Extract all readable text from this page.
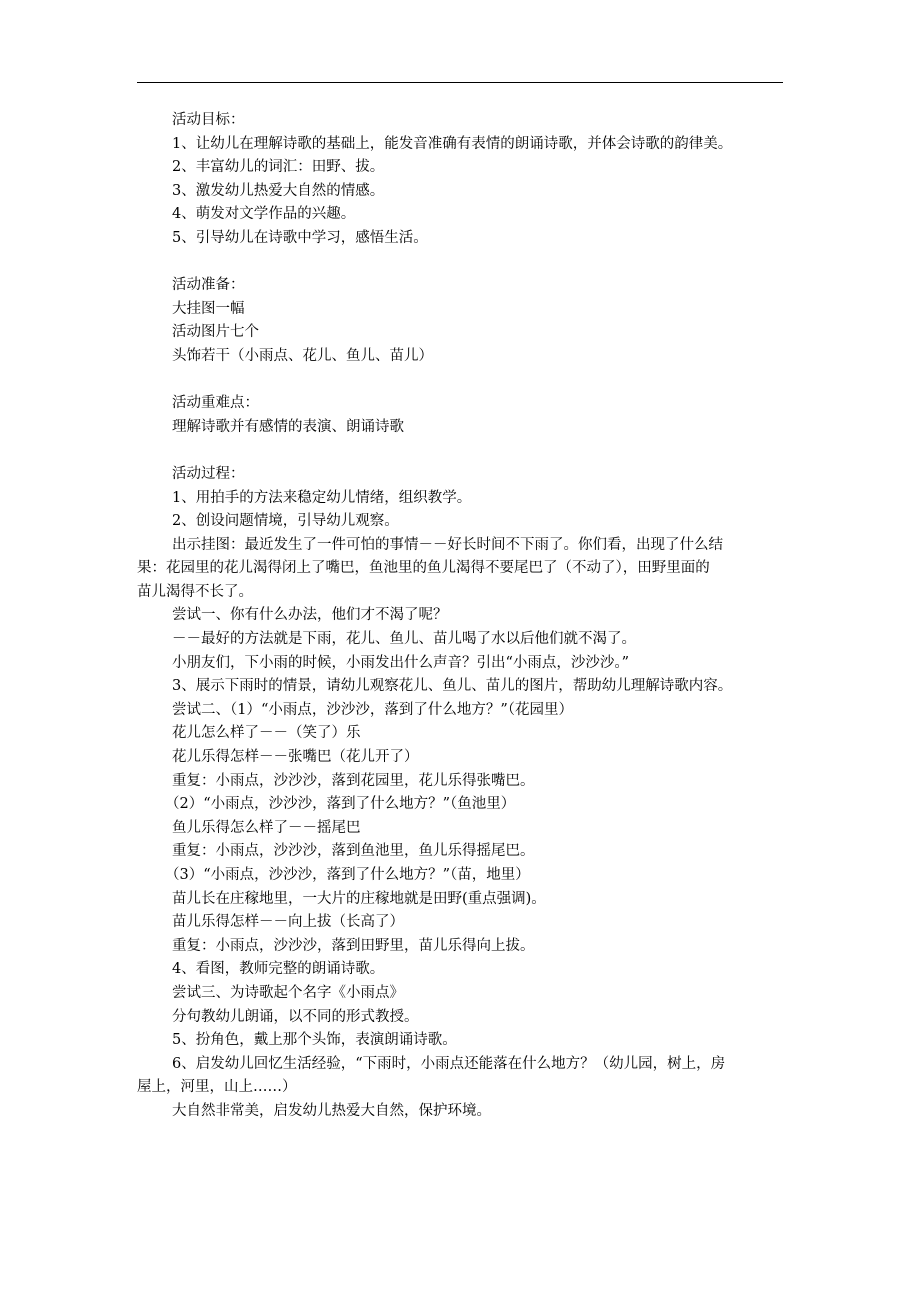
活动目标：
1、让幼儿在理解诗歌的基础上，能发音准确有表情的朗诵诗歌，并体会诗歌的韵律美。
2、丰富幼儿的词汇：田野、拔。
3、激发幼儿热爱大自然的情感。
4、萌发对文学作品的兴趣。
5、引导幼儿在诗歌中学习，感悟生活。
活动准备：
大挂图一幅
活动图片七个
头饰若干（小雨点、花儿、鱼儿、苗儿）
活动重难点：
理解诗歌并有感情的表演、朗诵诗歌
活动过程：
1、用拍手的方法来稳定幼儿情绪，组织教学。
2、创设问题情境，引导幼儿观察。
出示挂图：最近发生了一件可怕的事情－－好长时间不下雨了。你们看，出现了什么结
果：花园里的花儿渴得闭上了嘴巴，鱼池里的鱼儿渴得不要尾巴了（不动了），田野里面的
苗儿渴得不长了。
尝试一、你有什么办法，他们才不渴了呢？
－－最好的方法就是下雨，花儿、鱼儿、苗儿喝了水以后他们就不渴了。
小朋友们，下小雨的时候，小雨发出什么声音？引出“小雨点，沙沙沙。”
3、展示下雨时的情景，请幼儿观察花儿、鱼儿、苗儿的图片，帮助幼儿理解诗歌内容。
尝试二、（1）“小雨点，沙沙沙，落到了什么地方？”（花园里）
花儿怎么样了－－（笑了）乐
花儿乐得怎样－－张嘴巴（花儿开了）
重复：小雨点，沙沙沙，落到花园里，花儿乐得张嘴巴。
（2）“小雨点，沙沙沙，落到了什么地方？”（鱼池里）
鱼儿乐得怎么样了－－摇尾巴
重复：小雨点，沙沙沙，落到鱼池里，鱼儿乐得摇尾巴。
（3）“小雨点，沙沙沙，落到了什么地方？”（苗，地里）
苗儿长在庄稼地里，一大片的庄稼地就是田野(重点强调)。
苗儿乐得怎样－－向上拔（长高了）
重复：小雨点，沙沙沙，落到田野里，苗儿乐得向上拔。
4、看图，教师完整的朗诵诗歌。
尝试三、为诗歌起个名字《小雨点》
分句教幼儿朗诵，以不同的形式教授。
5、扮角色，戴上那个头饰，表演朗诵诗歌。
6、启发幼儿回忆生活经验，“下雨时，小雨点还能落在什么地方？（幼儿园，树上，房
屋上，河里，山上……）
大自然非常美，启发幼儿热爱大自然，保护环境。
